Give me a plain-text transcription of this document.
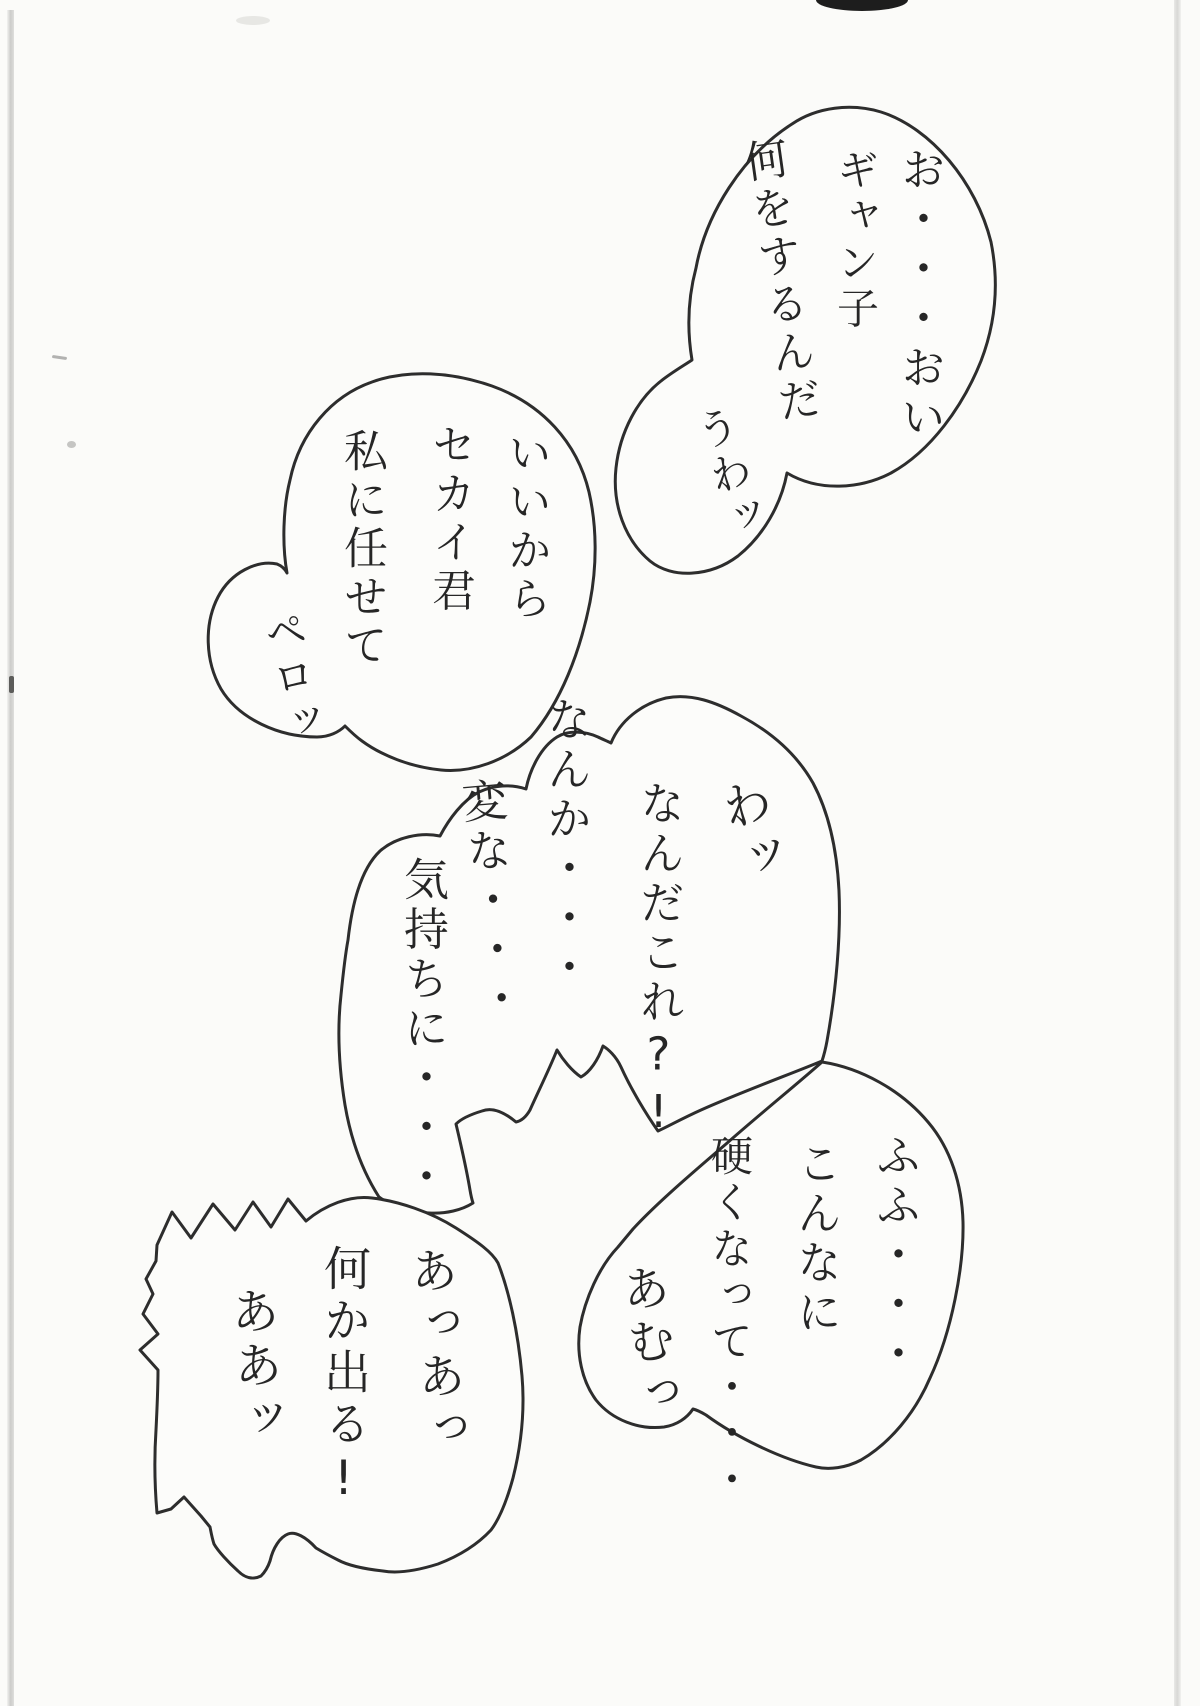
お・・・おい
ギャン子
何をするんだ
うわッ
いいから
セカイ君
私に任せて
ペロッ
わッ
なんだこれ?!
なんか・・・
変な・・・
気持ちに・・・
ふふ・・・
こんなに
硬くなって・・・
あむっ
あっあっ
何か出る!
ああッ
